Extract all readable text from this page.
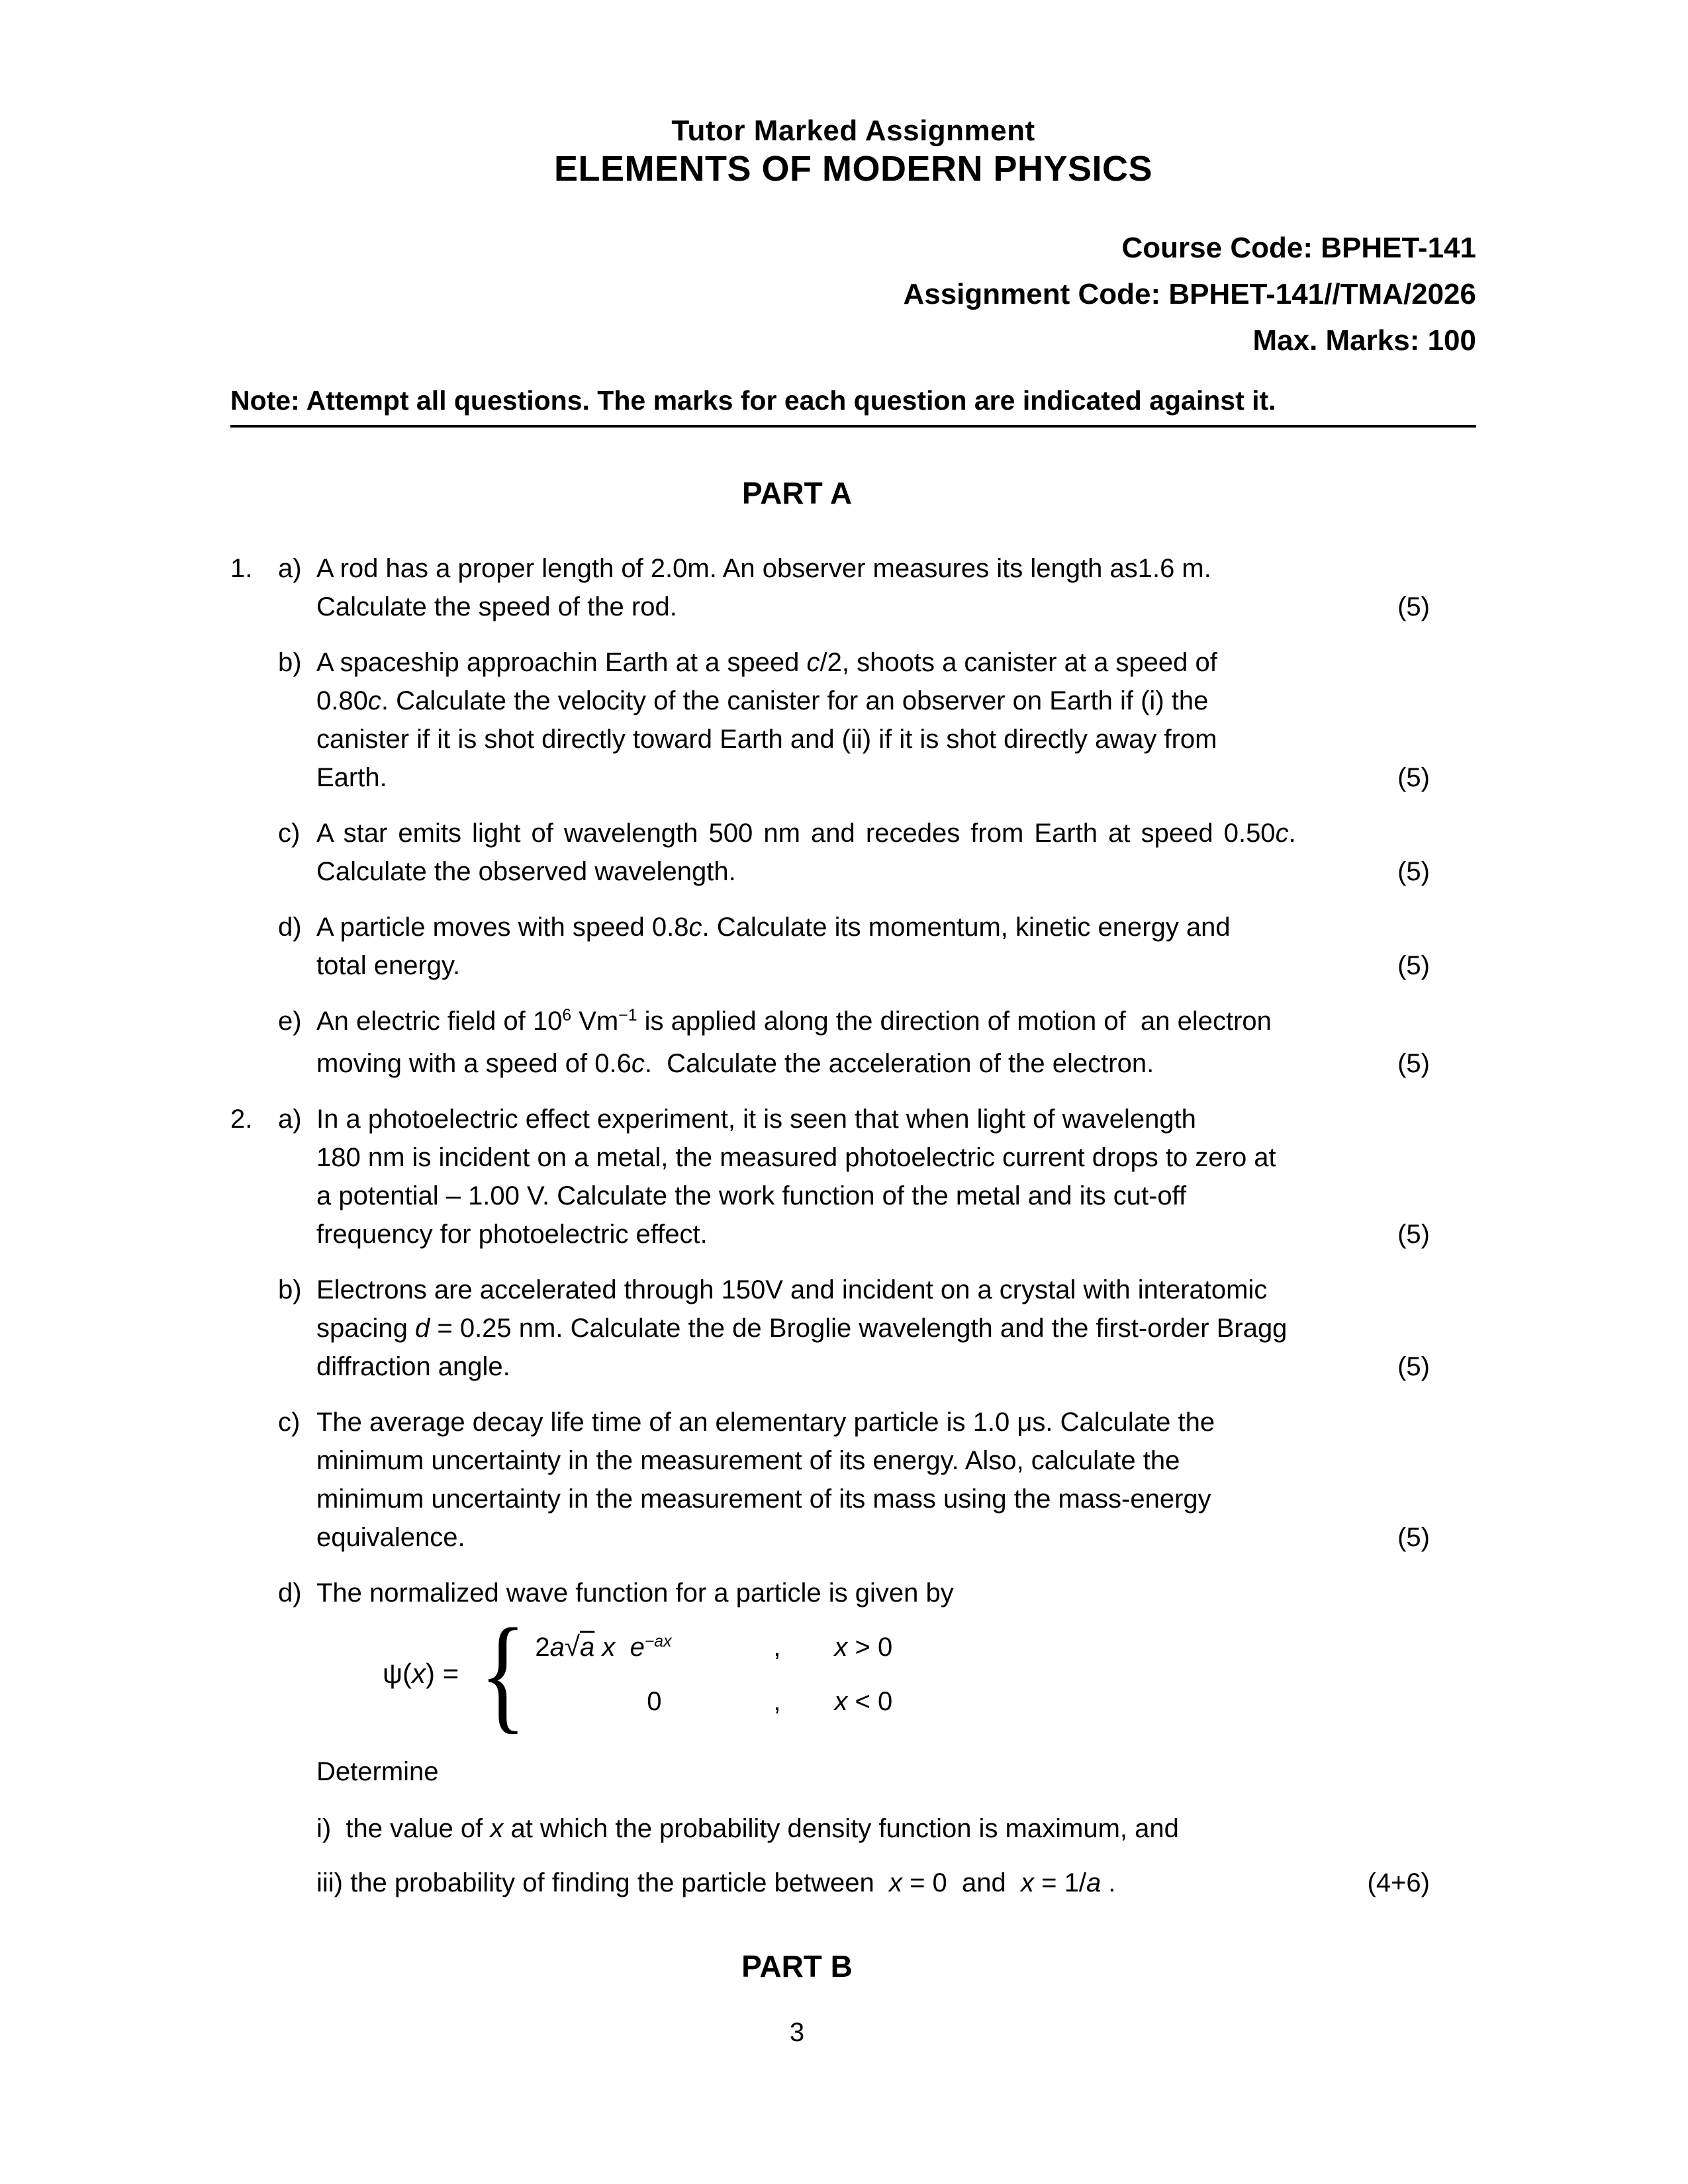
Tutor Marked Assignment
ELEMENTS OF MODERN PHYSICS
Course Code: BPHET-141
Assignment Code: BPHET-141//TMA/2026
Max. Marks: 100
Note: Attempt all questions. The marks for each question are indicated against it.
PART A
1. a) A rod has a proper length of 2.0m. An observer measures its length as1.6 m.
Calculate the speed of the rod.	(5)
b) A spaceship approachin Earth at a speed c/2, shoots a canister at a speed of
0.80c. Calculate the velocity of the canister for an observer on Earth if (i) the
canister if it is shot directly toward Earth and (ii) if it is shot directly away from
Earth.	(5)
c) A star emits light of wavelength 500 nm and recedes from Earth at speed 0.50c.
Calculate the observed wavelength.	(5)
d) A particle moves with speed 0.8c. Calculate its momentum, kinetic energy and
total energy.	(5)
e) An electric field of $10^6$ $Vm^{-1}$ is applied along the direction of motion of  an electron
moving with a speed of 0.6c.  Calculate the acceleration of the electron.	(5)
2. a) In a photoelectric effect experiment, it is seen that when light of wavelength
180 nm is incident on a metal, the measured photoelectric current drops to zero at
a potential – 1.00 V. Calculate the work function of the metal and its cut-off
frequency for photoelectric effect.	(5)
b) Electrons are accelerated through 150V and incident on a crystal with interatomic
spacing d = 0.25 nm. Calculate the de Broglie wavelength and the first-order Bragg
diffraction angle.	(5)
c) The average decay life time of an elementary particle is 1.0 μs. Calculate the
minimum uncertainty in the measurement of its energy. Also, calculate the
minimum uncertainty in the measurement of its mass using the mass-energy
equivalence.	(5)
d) The normalized wave function for a particle is given by
ψ(x) = { 2a√a x $e^{-ax}$	,	x > 0
0	,	x < 0
Determine
i)  the value of x at which the probability density function is maximum, and
iii) the probability of finding the particle between  x = 0  and  x = 1/a .	(4+6)
PART B
3
